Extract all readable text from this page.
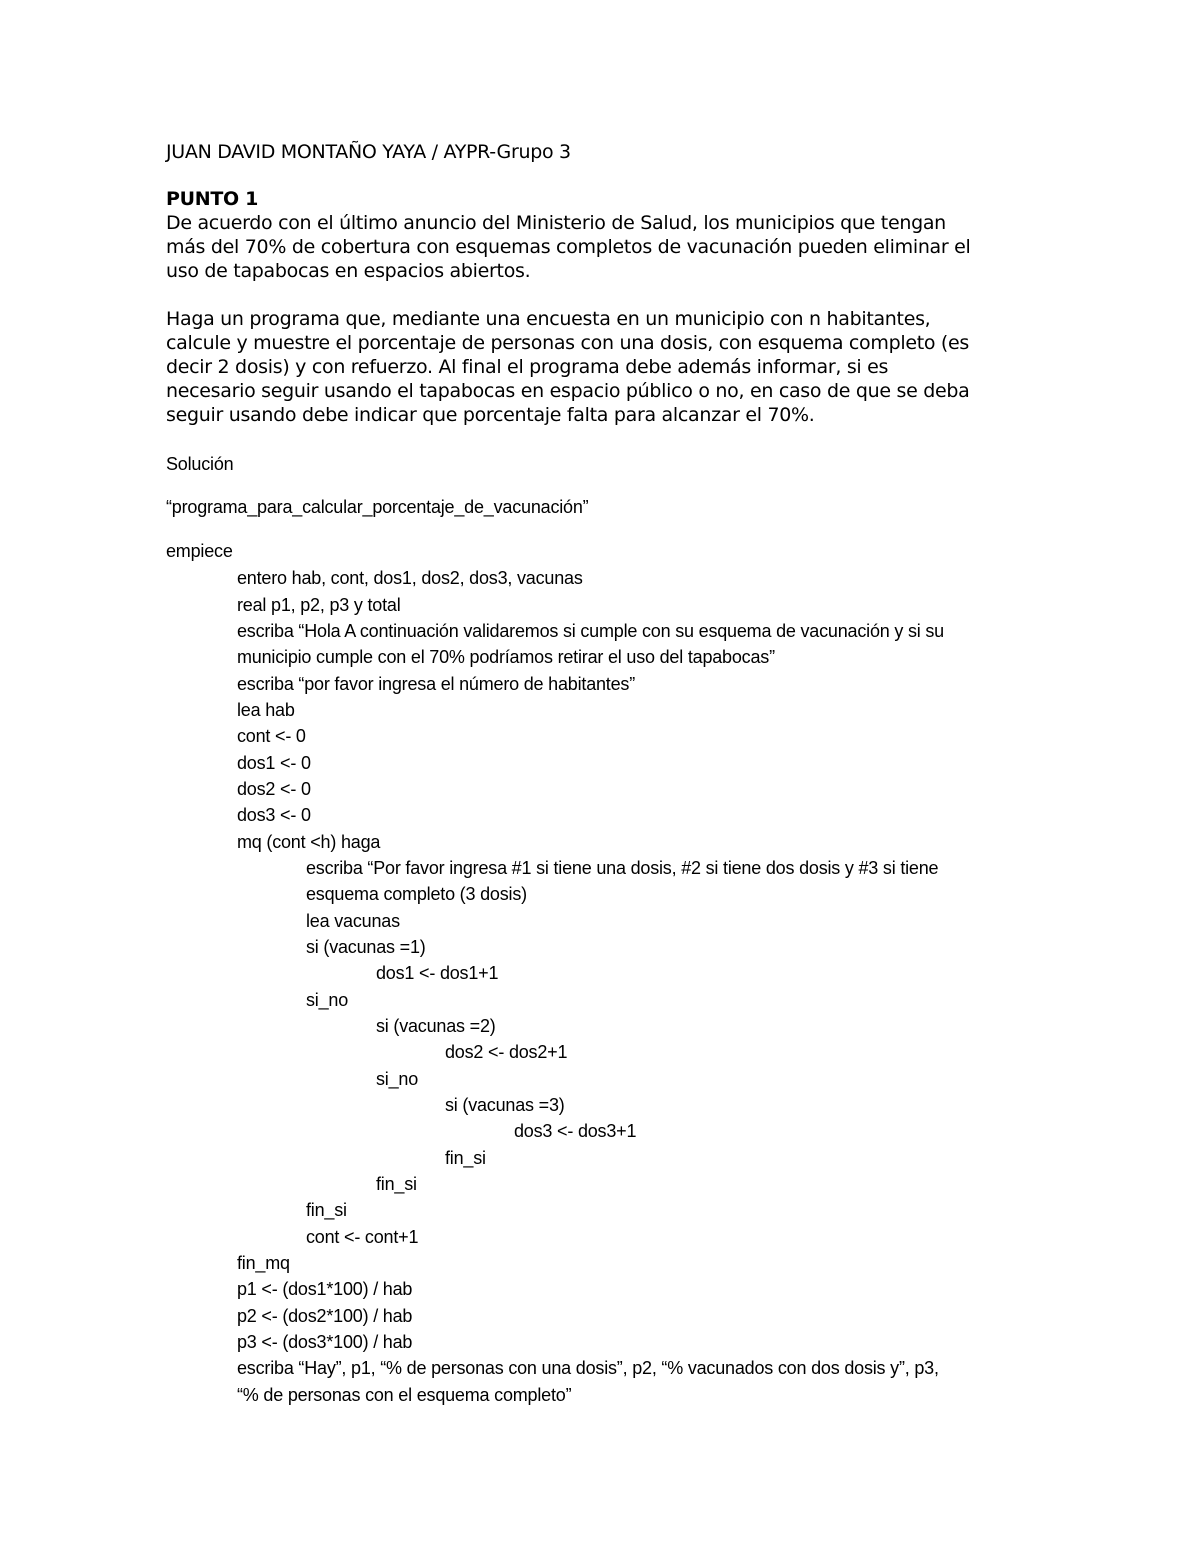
JUAN DAVID MONTAÑO YAYA / AYPR-Grupo 3
PUNTO 1
De acuerdo con el último anuncio del Ministerio de Salud, los municipios que tengan
más del 70% de cobertura con esquemas completos de vacunación pueden eliminar el
uso de tapabocas en espacios abiertos.
Haga un programa que, mediante una encuesta en un municipio con n habitantes,
calcule y muestre el porcentaje de personas con una dosis, con esquema completo (es
decir 2 dosis) y con refuerzo. Al final el programa debe además informar, si es
necesario seguir usando el tapabocas en espacio público o no, en caso de que se deba
seguir usando debe indicar que porcentaje falta para alcanzar el 70%.
Solución
“programa_para_calcular_porcentaje_de_vacunación”
empiece
entero hab, cont, dos1, dos2, dos3, vacunas
real p1, p2, p3 y total
escriba “Hola A continuación validaremos si cumple con su esquema de vacunación y si su
municipio cumple con el 70% podríamos retirar el uso del tapabocas”
escriba “por favor ingresa el número de habitantes”
lea hab
cont <- 0
dos1 <- 0
dos2 <- 0
dos3 <- 0
mq (cont <h) haga
escriba “Por favor ingresa #1 si tiene una dosis, #2 si tiene dos dosis y #3 si tiene
esquema completo (3 dosis)
lea vacunas
si (vacunas =1)
dos1 <- dos1+1
si_no
si (vacunas =2)
dos2 <- dos2+1
si_no
si (vacunas =3)
dos3 <- dos3+1
fin_si
fin_si
fin_si
cont <- cont+1
fin_mq
p1 <- (dos1*100) / hab
p2 <- (dos2*100) / hab
p3 <- (dos3*100) / hab
escriba “Hay”, p1, “% de personas con una dosis”, p2, “% vacunados con dos dosis y”, p3,
“% de personas con el esquema completo”
